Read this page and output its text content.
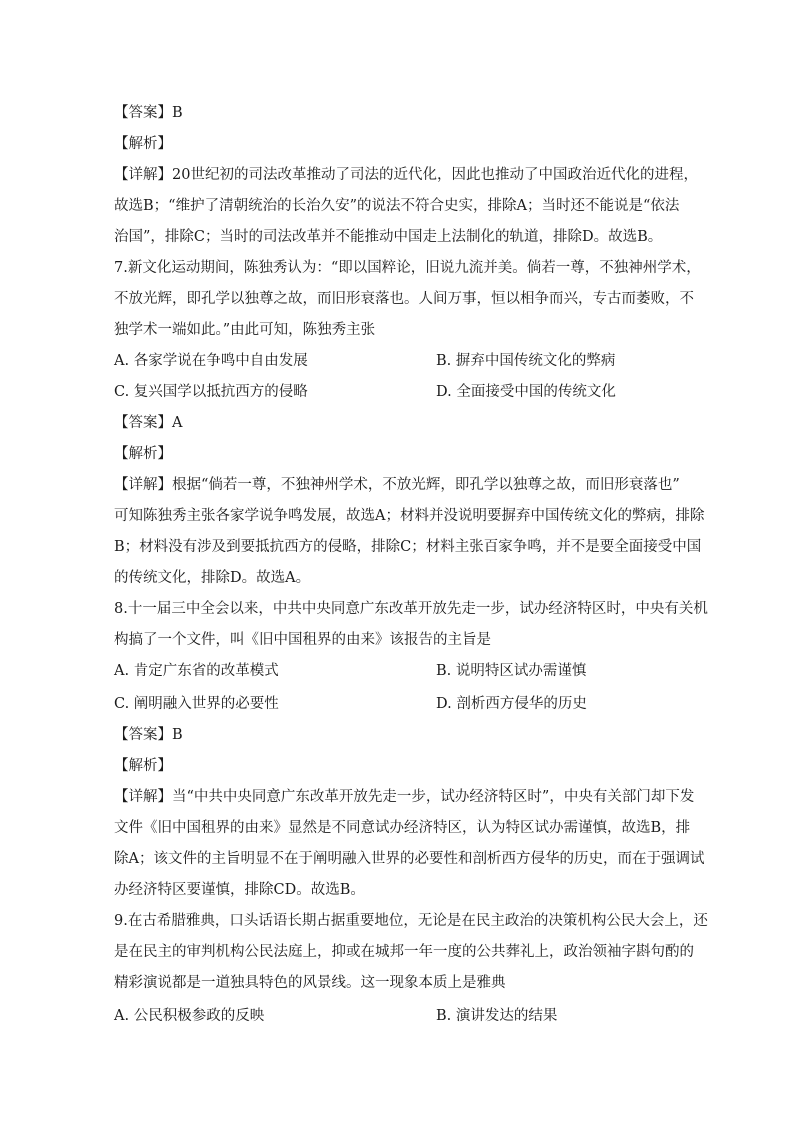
【答案】B
【解析】
【详解】20世纪初的司法改革推动了司法的近代化，因此也推动了中国政治近代化的进程，
故选B；“维护了清朝统治的长治久安”的说法不符合史实，排除A；当时还不能说是“依法
治国”，排除C；当时的司法改革并不能推动中国走上法制化的轨道，排除D。故选B。
7.新文化运动期间，陈独秀认为：“即以国粹论，旧说九流并美。倘若一尊，不独神州学术，
不放光辉，即孔学以独尊之故，而旧形衰落也。人间万事，恒以相争而兴，专古而萎败，不
独学术一端如此。”由此可知，陈独秀主张
A. 各家学说在争鸣中自由发展	B. 摒弃中国传统文化的弊病
C. 复兴国学以抵抗西方的侵略	D. 全面接受中国的传统文化
【答案】A
【解析】
【详解】根据“倘若一尊，不独神州学术，不放光辉，即孔学以独尊之故，而旧形衰落也”
可知陈独秀主张各家学说争鸣发展，故选A；材料并没说明要摒弃中国传统文化的弊病，排除
B；材料没有涉及到要抵抗西方的侵略，排除C；材料主张百家争鸣，并不是要全面接受中国
的传统文化，排除D。故选A。
8.十一届三中全会以来，中共中央同意广东改革开放先走一步，试办经济特区时，中央有关机
构搞了一个文件，叫《旧中国租界的由来》该报告的主旨是
A. 肯定广东省的改革模式	B. 说明特区试办需谨慎
C. 阐明融入世界的必要性	D. 剖析西方侵华的历史
【答案】B
【解析】
【详解】当“中共中央同意广东改革开放先走一步，试办经济特区时”，中央有关部门却下发
文件《旧中国租界的由来》显然是不同意试办经济特区，认为特区试办需谨慎，故选B，排
除A；该文件的主旨明显不在于阐明融入世界的必要性和剖析西方侵华的历史，而在于强调试
办经济特区要谨慎，排除CD。故选B。
9.在古希腊雅典，口头话语长期占据重要地位，无论是在民主政治的决策机构公民大会上，还
是在民主的审判机构公民法庭上，抑或在城邦一年一度的公共葬礼上，政治领袖字斟句酌的
精彩演说都是一道独具特色的风景线。这一现象本质上是雅典
A. 公民积极参政的反映	B. 演讲发达的结果
